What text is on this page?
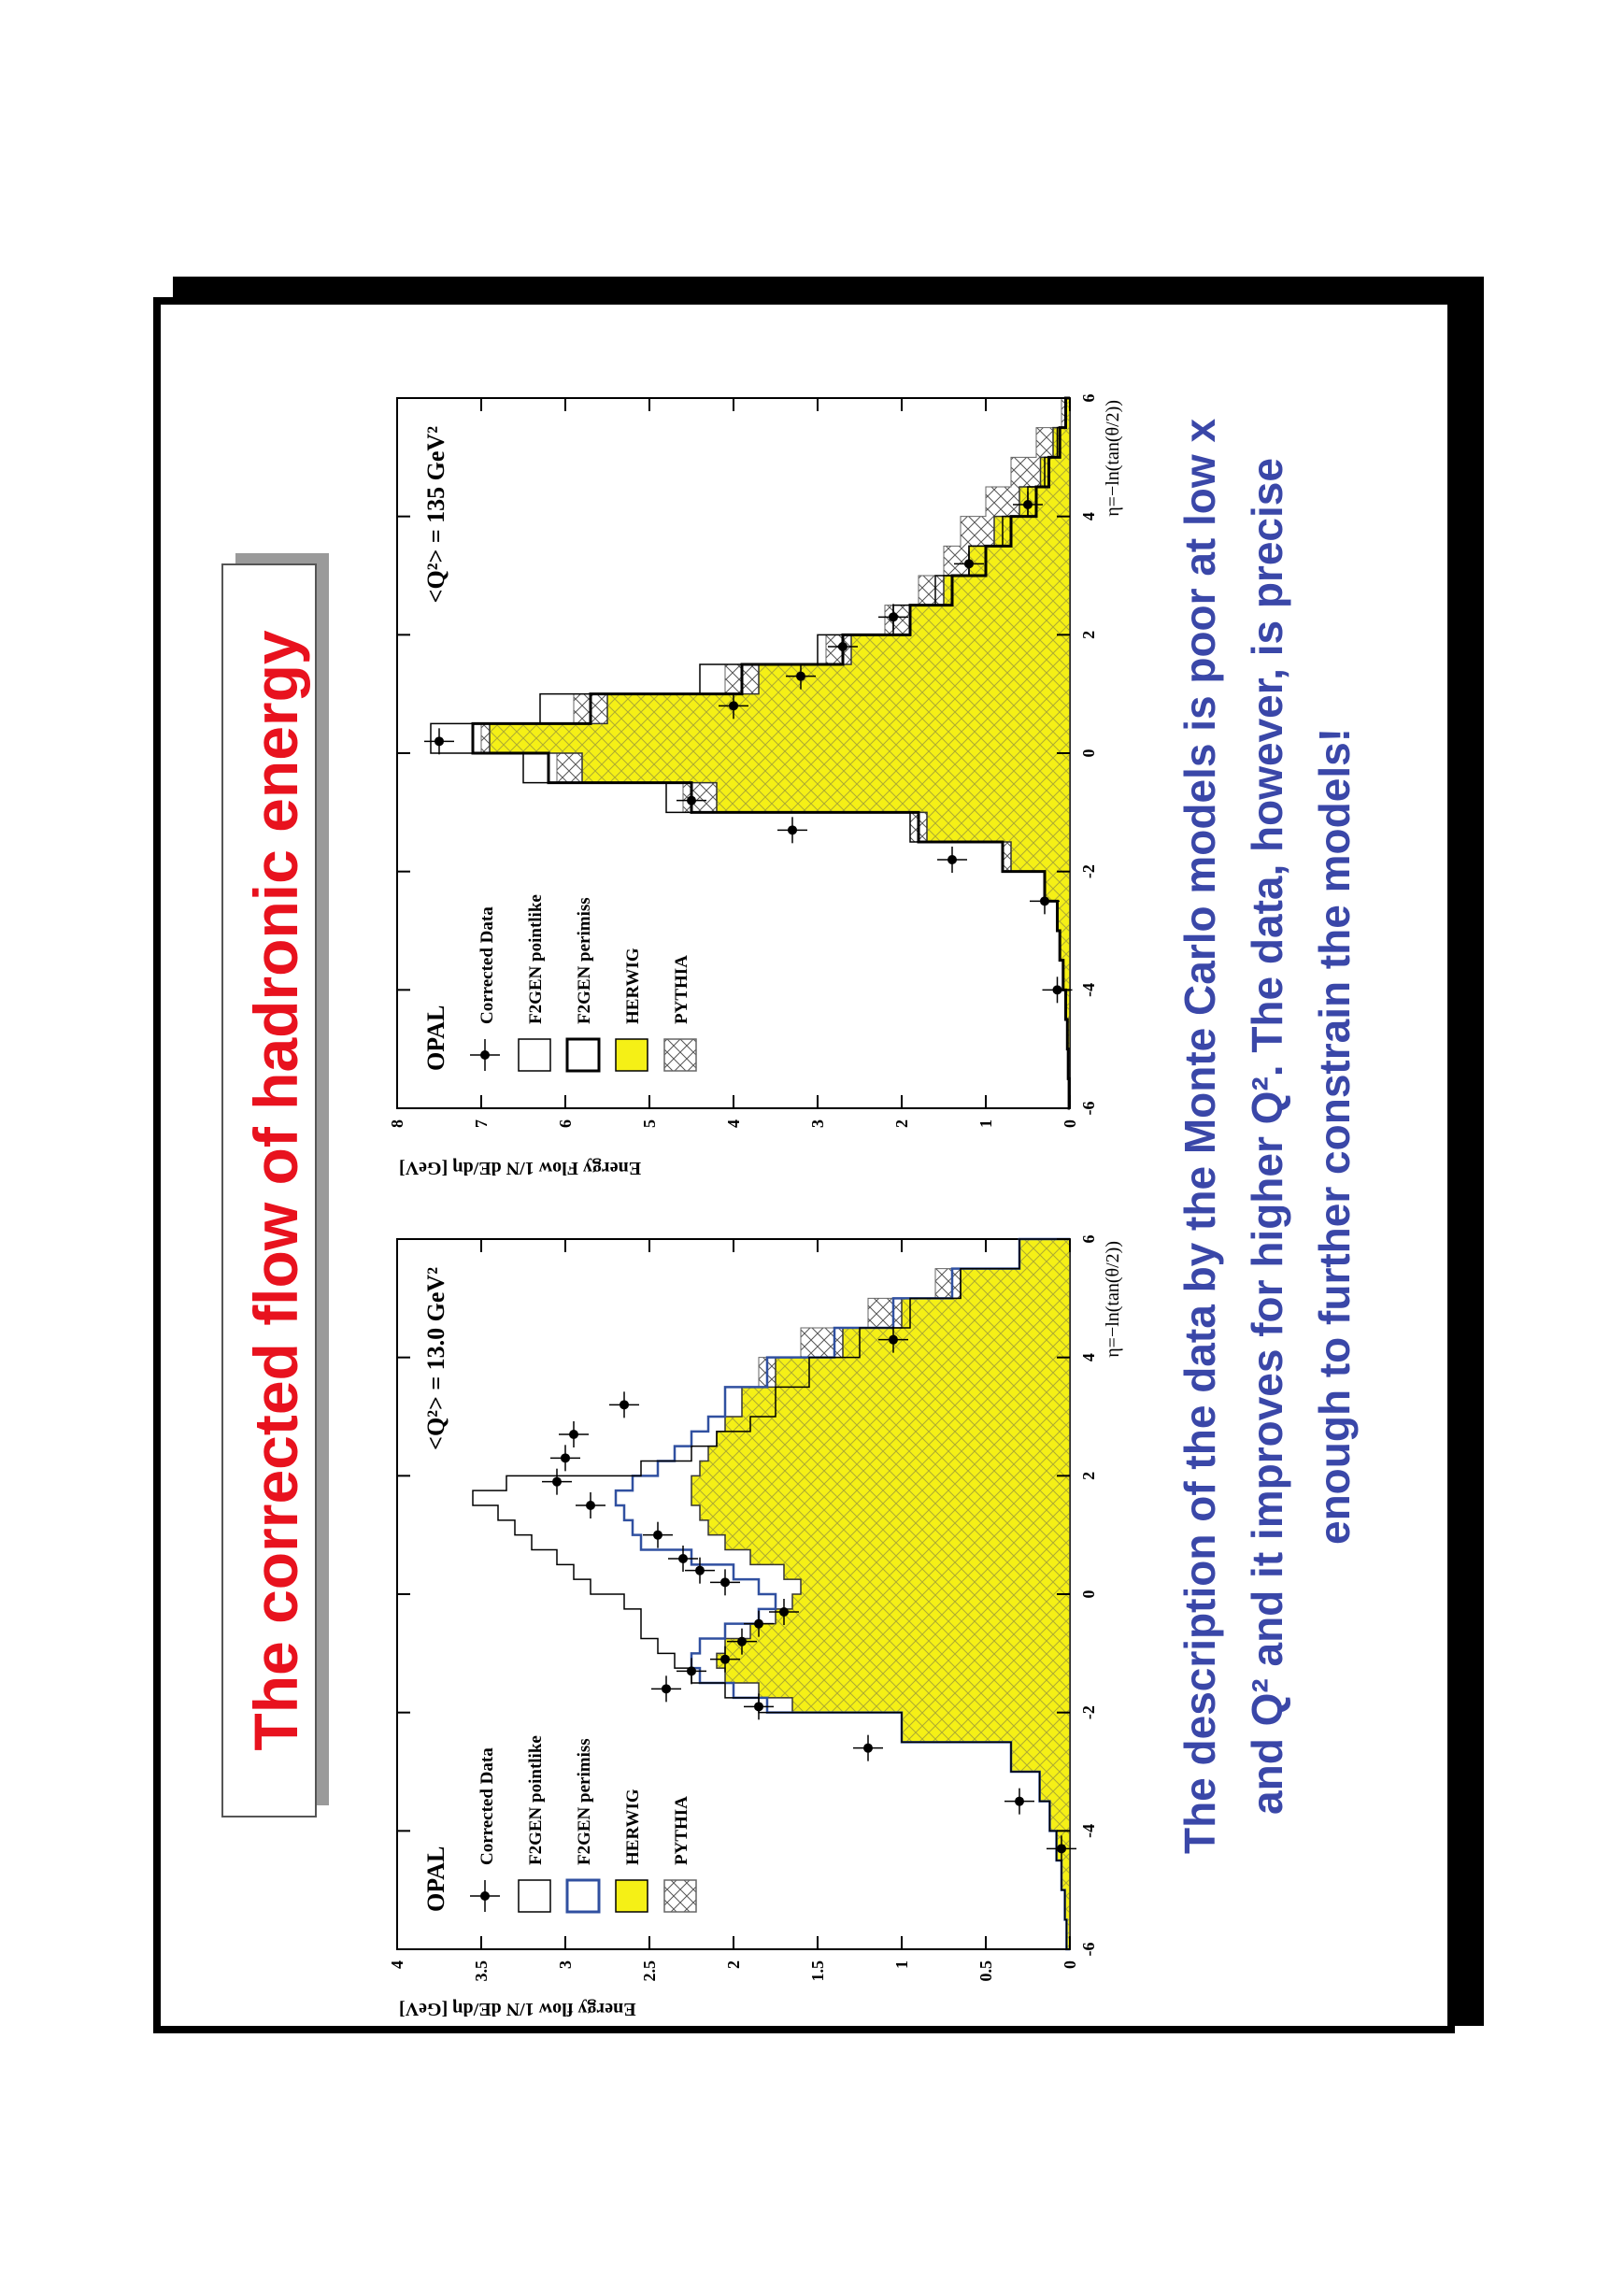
The corrected flow of hadronic energy
-6
-4
-2
0
2
4
6
0
0.5
1
1.5
2
2.5
3
3.5
4
η=−ln(tan(θ/2))
Energy flow 1/N dE/dη [GeV]
OPAL
<Q²> = 13.0 GeV²
Corrected Data F2GEN pointlike F2GEN perimiss HERWIG PYTHIA
-6
-4
-2
0
2
4
6
0
1
2
3
4
5
6
7
8
η=−ln(tan(θ/2))
Energy Flow 1/N dE/dη [GeV]
OPAL
<Q²> = 135 GeV²
Corrected Data F2GEN pointlike F2GEN perimiss HERWIG PYTHIA	The description of the data by the Monte Carlo models is poor at low x and Q² and it improves for higher Q². The data, however, is precise enough to further constrain the models!
